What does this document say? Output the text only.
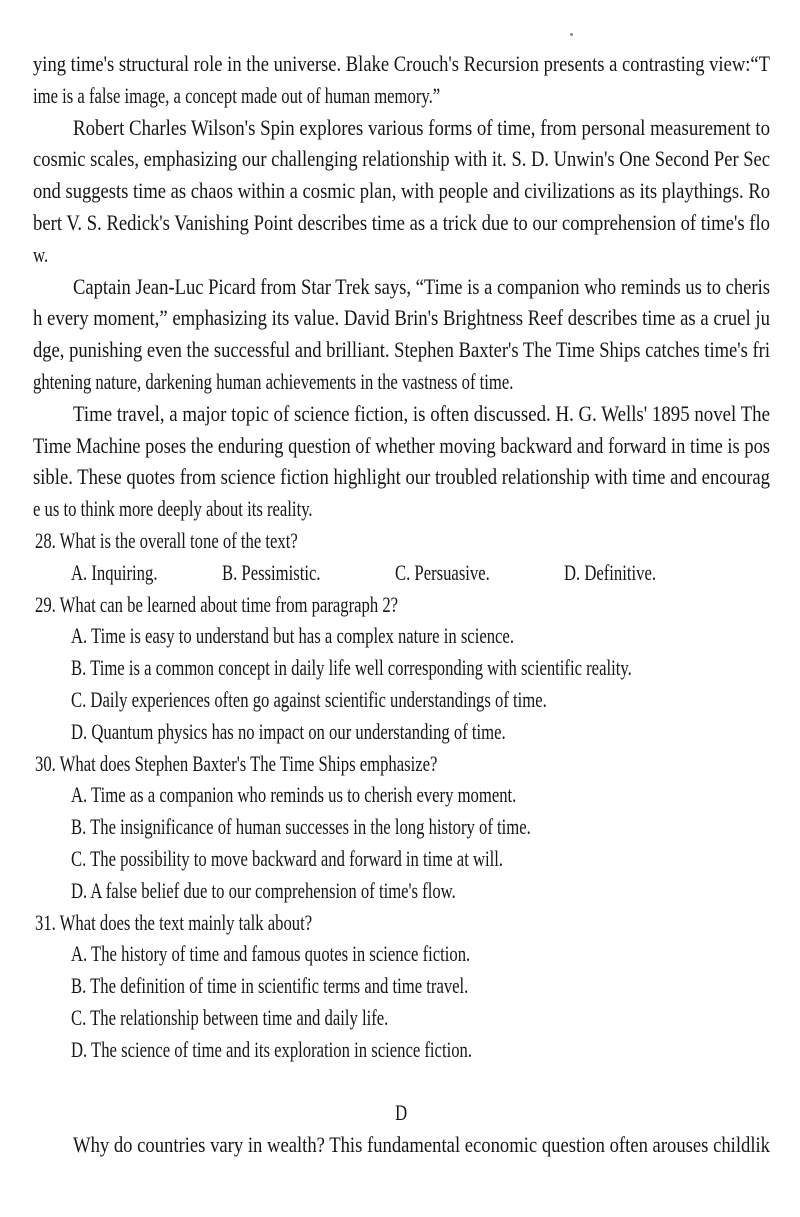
ying time's structural role in the universe. Blake Crouch's Recursion presents a contrasting view:“T
ime is a false image, a concept made out of human memory.”
Robert Charles Wilson's Spin explores various forms of time, from personal measurement to
cosmic scales, emphasizing our challenging relationship with it. S. D. Unwin's One Second Per Sec
ond suggests time as chaos within a cosmic plan, with people and civilizations as its playthings. Ro
bert V. S. Redick's Vanishing Point describes time as a trick due to our comprehension of time's flo
w.
Captain Jean-Luc Picard from Star Trek says, “Time is a companion who reminds us to cheris
h every moment,” emphasizing its value. David Brin's Brightness Reef describes time as a cruel ju
dge, punishing even the successful and brilliant. Stephen Baxter's The Time Ships catches time's fri
ghtening nature, darkening human achievements in the vastness of time.
Time travel, a major topic of science fiction, is often discussed. H. G. Wells' 1895 novel The
Time Machine poses the enduring question of whether moving backward and forward in time is pos
sible. These quotes from science fiction highlight our troubled relationship with time and encourag
e us to think more deeply about its reality.
28. What is the overall tone of the text?
A. Inquiring.	B. Pessimistic.	C. Persuasive.	D. Definitive.
29. What can be learned about time from paragraph 2?
A. Time is easy to understand but has a complex nature in science.
B. Time is a common concept in daily life well corresponding with scientific reality.
C. Daily experiences often go against scientific understandings of time.
D. Quantum physics has no impact on our understanding of time.
30. What does Stephen Baxter's The Time Ships emphasize?
A. Time as a companion who reminds us to cherish every moment.
B. The insignificance of human successes in the long history of time.
C. The possibility to move backward and forward in time at will.
D. A false belief due to our comprehension of time's flow.
31. What does the text mainly talk about?
A. The history of time and famous quotes in science fiction.
B. The definition of time in scientific terms and time travel.
C. The relationship between time and daily life.
D. The science of time and its exploration in science fiction.
D
Why do countries vary in wealth? This fundamental economic question often arouses childlik
